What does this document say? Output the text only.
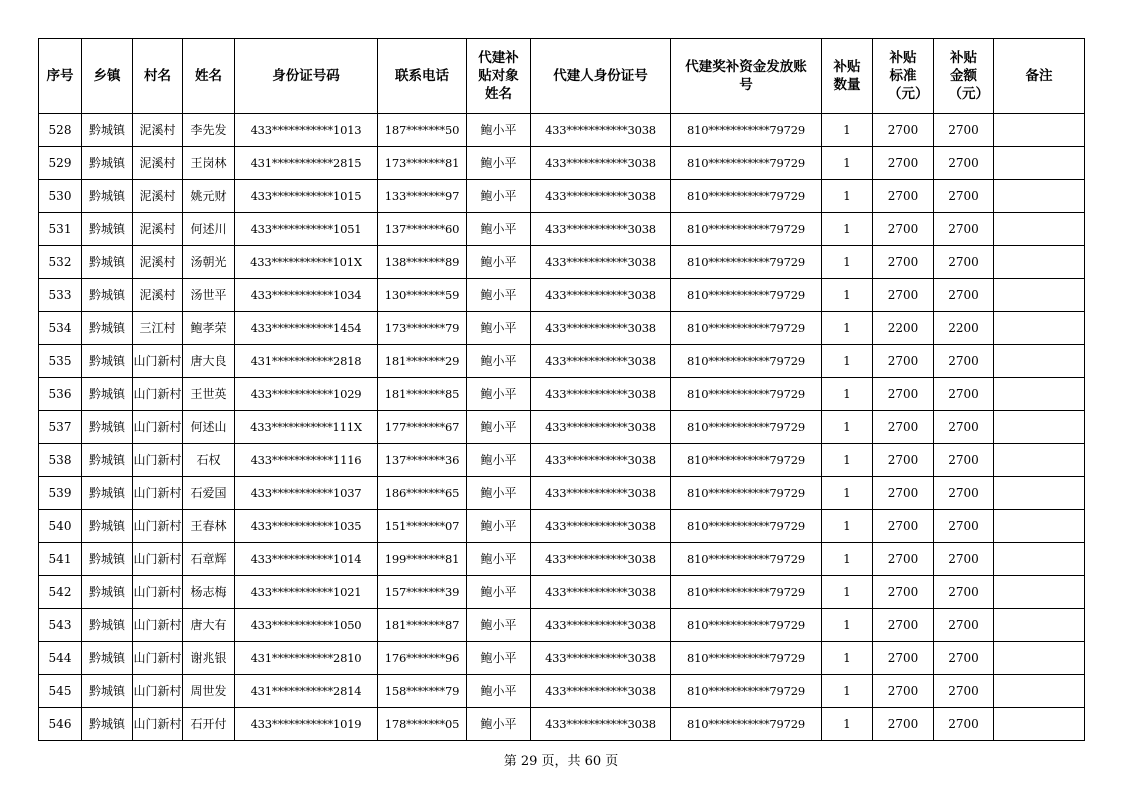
序号	乡镇	村名	姓名	身份证号码	联系电话	代建补贴对象姓名	代建人身份证号	代建奖补资金发放账号	补贴数量	补贴标准（元）	补贴金额（元）	备注
528	黔城镇	泥溪村	李先发	433***********1013	187*******50	鲍小平	433***********3038	810***********79729	1	2700	2700	
529	黔城镇	泥溪村	王岗林	431***********2815	173*******81	鲍小平	433***********3038	810***********79729	1	2700	2700	
530	黔城镇	泥溪村	姚元财	433***********1015	133*******97	鲍小平	433***********3038	810***********79729	1	2700	2700	
531	黔城镇	泥溪村	何述川	433***********1051	137*******60	鲍小平	433***********3038	810***********79729	1	2700	2700	
532	黔城镇	泥溪村	汤朝光	433***********101X	138*******89	鲍小平	433***********3038	810***********79729	1	2700	2700	
533	黔城镇	泥溪村	汤世平	433***********1034	130*******59	鲍小平	433***********3038	810***********79729	1	2700	2700	
534	黔城镇	三江村	鲍孝荣	433***********1454	173*******79	鲍小平	433***********3038	810***********79729	1	2200	2200	
535	黔城镇	山门新村	唐大良	431***********2818	181*******29	鲍小平	433***********3038	810***********79729	1	2700	2700	
536	黔城镇	山门新村	王世英	433***********1029	181*******85	鲍小平	433***********3038	810***********79729	1	2700	2700	
537	黔城镇	山门新村	何述山	433***********111X	177*******67	鲍小平	433***********3038	810***********79729	1	2700	2700	
538	黔城镇	山门新村	石权	433***********1116	137*******36	鲍小平	433***********3038	810***********79729	1	2700	2700	
539	黔城镇	山门新村	石爱国	433***********1037	186*******65	鲍小平	433***********3038	810***********79729	1	2700	2700	
540	黔城镇	山门新村	王春林	433***********1035	151*******07	鲍小平	433***********3038	810***********79729	1	2700	2700	
541	黔城镇	山门新村	石章辉	433***********1014	199*******81	鲍小平	433***********3038	810***********79729	1	2700	2700	
542	黔城镇	山门新村	杨志梅	433***********1021	157*******39	鲍小平	433***********3038	810***********79729	1	2700	2700	
543	黔城镇	山门新村	唐大有	433***********1050	181*******87	鲍小平	433***********3038	810***********79729	1	2700	2700	
544	黔城镇	山门新村	谢兆银	431***********2810	176*******96	鲍小平	433***********3038	810***********79729	1	2700	2700	
545	黔城镇	山门新村	周世发	431***********2814	158*******79	鲍小平	433***********3038	810***********79729	1	2700	2700	
546	黔城镇	山门新村	石开付	433***********1019	178*******05	鲍小平	433***********3038	810***********79729	1	2700	2700	
第 29 页，共 60 页
